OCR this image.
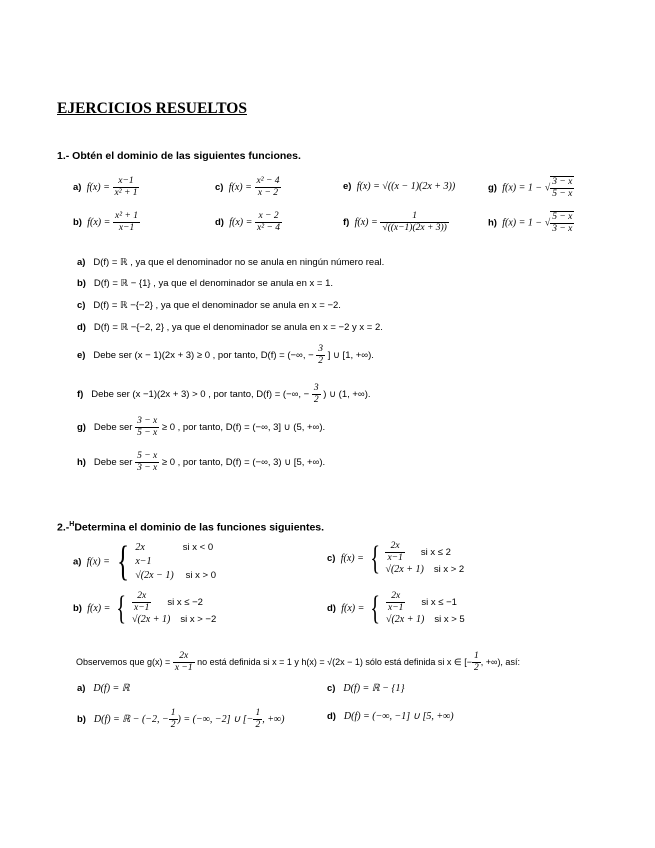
EJERCICIOS RESUELTOS
1.- Obtén el dominio de las siguientes funciones.
a) $f(x) = \frac{x-1}{\text{x² + 1}}$	c) $f(x) = \frac{\text{x² − 4}}{x - 2}$	e) f(x) = √((x − 1)(2x + 3))	g) f(x) = 1 − √ $\frac{3 - x}{5 - x}$
b) $f(x) = \frac{\text{x² + 1}}{x-1}$	d) $f(x) = \frac{x - 2}{\text{x² − 4}}$	f) $f(x) = \frac{1}{√((x-1)(2x + 3))}$	h) f(x) = 1 − √ $\frac{5 - x}{3 - x}$
a) D(f) = ℝ , ya que el denominador no se anula en ningún número real.
b) D(f) = ℝ − {1} , ya que el denominador se anula en x = 1.
c) D(f) = ℝ −{−2} , ya que el denominador se anula en x = −2.
d) D(f) = ℝ −{−2, 2} , ya que el denominador se anula en x = −2 y x = 2.
e) Debe ser (x − 1)(2x + 3) ≥ 0 , por tanto, D(f) = (−∞, − $\frac{3}{2}$ ] ∪ [1, +∞).
f) Debe ser (x −1)(2x + 3) > 0 , por tanto, D(f) = (−∞, − $\frac{3}{2}$ ) ∪ (1, +∞).
g) Debe ser $\frac{3 - x}{5 - x} \ge 0$ , por tanto, D(f) = (−∞, 3] ∪ (5, +∞).
h) Debe ser $\frac{5 - x}{3 - x} \ge 0$ , por tanto, D(f) = (−∞, 3) ∪ [5, +∞).
2.-$^H$Determina el dominio de las funciones siguientes.
a) f(x) = { 2x	si x < 0
x−1
√(2x − 1) si x > 0
c) f(x) = { $\frac{2x}{x-1}$ si x ≤ 2
√(2x + 1) si x > 2
b) f(x) = { $\frac{2x}{x-1}$ si x ≤ −2
√(2x + 1) si x > −2
d) f(x) = { $\frac{2x}{x-1}$ si x ≤ −1
√(2x + 1) si x > 5
Observemos que $g(x) = \frac{2x}{x -1}$ no está definida si x = 1 y h(x) = √(2x − 1) sólo está definida si x ∈ [− $\frac{1}{2}$ , +∞), así:
a) D(f) = ℝ	c) D(f) = ℝ − {1}
b) D(f) = ℝ − (−2, − $\frac{1}{2}$ ) = (−∞, −2] ∪ [− $\frac{1}{2}$ , +∞)	d) D(f) = (−∞, −1] ∪ [5, +∞)
